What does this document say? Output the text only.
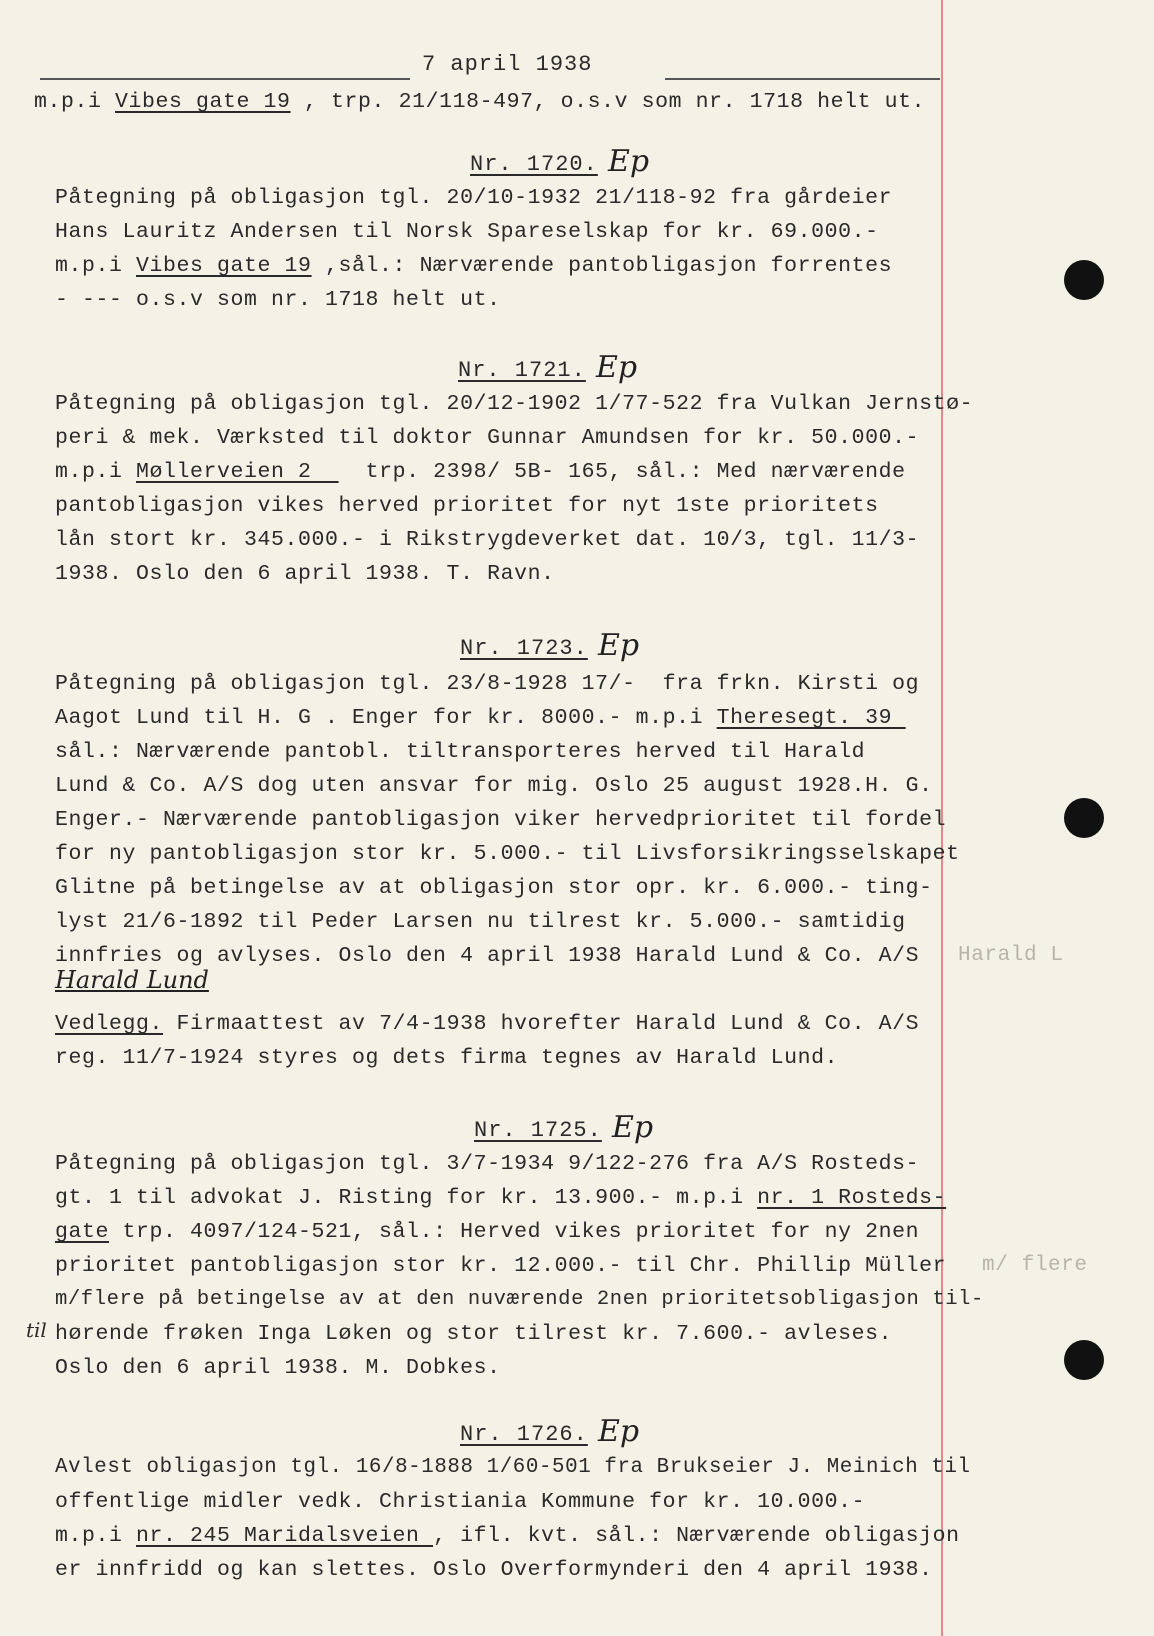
7 april 1938
m.p.i Vibes gate 19 , trp. 21/118-497, o.s.v som nr. 1718 helt ut.
Nr. 1720. Ep
Påtegning på obligasjon tgl. 20/10-1932 21/118-92 fra gårdeier
Hans Lauritz Andersen til Norsk Spareselskap for kr. 69.000.-
m.p.i Vibes gate 19 ,sål.: Nærværende pantobligasjon forrentes
- --- o.s.v som nr. 1718 helt ut.
Nr. 1721. Ep
Påtegning på obligasjon tgl. 20/12-1902 1/77-522 fra Vulkan Jernstø-
peri & mek. Værksted til doktor Gunnar Amundsen for kr. 50.000.-
m.p.i Møllerveien 2    trp. 2398/ 5B- 165, sål.: Med nærværende
pantobligasjon vikes herved prioritet for nyt 1ste prioritets
lån stort kr. 345.000.- i Rikstrygdeverket dat. 10/3, tgl. 11/3-
1938. Oslo den 6 april 1938. T. Ravn.
Nr. 1723. Ep
Påtegning på obligasjon tgl. 23/8-1928 17/-  fra frkn. Kirsti og
Aagot Lund til H. G . Enger for kr. 8000.- m.p.i Theresegt. 39
sål.: Nærværende pantobl. tiltransporteres herved til Harald
Lund & Co. A/S dog uten ansvar for mig. Oslo 25 august 1928.H. G.
Enger.- Nærværende pantobligasjon viker hervedprioritet til fordel
for ny pantobligasjon stor kr. 5.000.- til Livsforsikringsselskapet
Glitne på betingelse av at obligasjon stor opr. kr. 6.000.- ting-
lyst 21/6-1892 til Peder Larsen nu tilrest kr. 5.000.- samtidig
innfries og avlyses. Oslo den 4 april 1938 Harald Lund & Co. A/S Harald L
Harald Lund
Vedlegg. Firmaattest av 7/4-1938 hvorefter Harald Lund & Co. A/S
reg. 11/7-1924 styres og dets firma tegnes av Harald Lund.
Nr. 1725. Ep
Påtegning på obligasjon tgl. 3/7-1934 9/122-276 fra A/S Rosteds-
gt. 1 til advokat J. Risting for kr. 13.900.- m.p.i nr. 1 Rosteds-
gate trp. 4097/124-521, sål.: Herved vikes prioritet for ny 2nen
prioritet pantobligasjon stor kr. 12.000.- til Chr. Phillip Müller m/ flere
m/flere på betingelse av at den nuværende 2nen prioritetsobligasjon til-
til hørende frøken Inga Løken og stor tilrest kr. 7.600.- avleses.
Oslo den 6 april 1938. M. Dobkes.
Nr. 1726. Ep
Avlest obligasjon tgl. 16/8-1888 1/60-501 fra Brukseier J. Meinich til
offentlige midler vedk. Christiania Kommune for kr. 10.000.-
m.p.i nr. 245 Maridalsveien , ifl. kvt. sål.: Nærværende obligasjon
er innfridd og kan slettes. Oslo Overformynderi den 4 april 1938.
